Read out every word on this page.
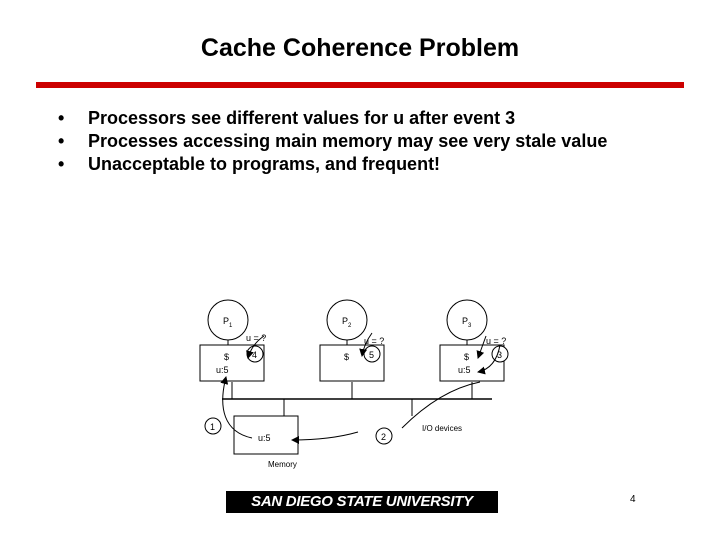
Cache Coherence Problem
• Processors see different values for u after event 3
• Processes accessing main memory may see very stale value
• Unacceptable to programs, and frequent!
P 1	P 2	P 3
$
u:5
$	$
u:5
u:5
Memory
I/O devices
u = ?	u = ?	u = ?
4	5	3
1
2
SAN DIEGO STATE UNIVERSITY	4
